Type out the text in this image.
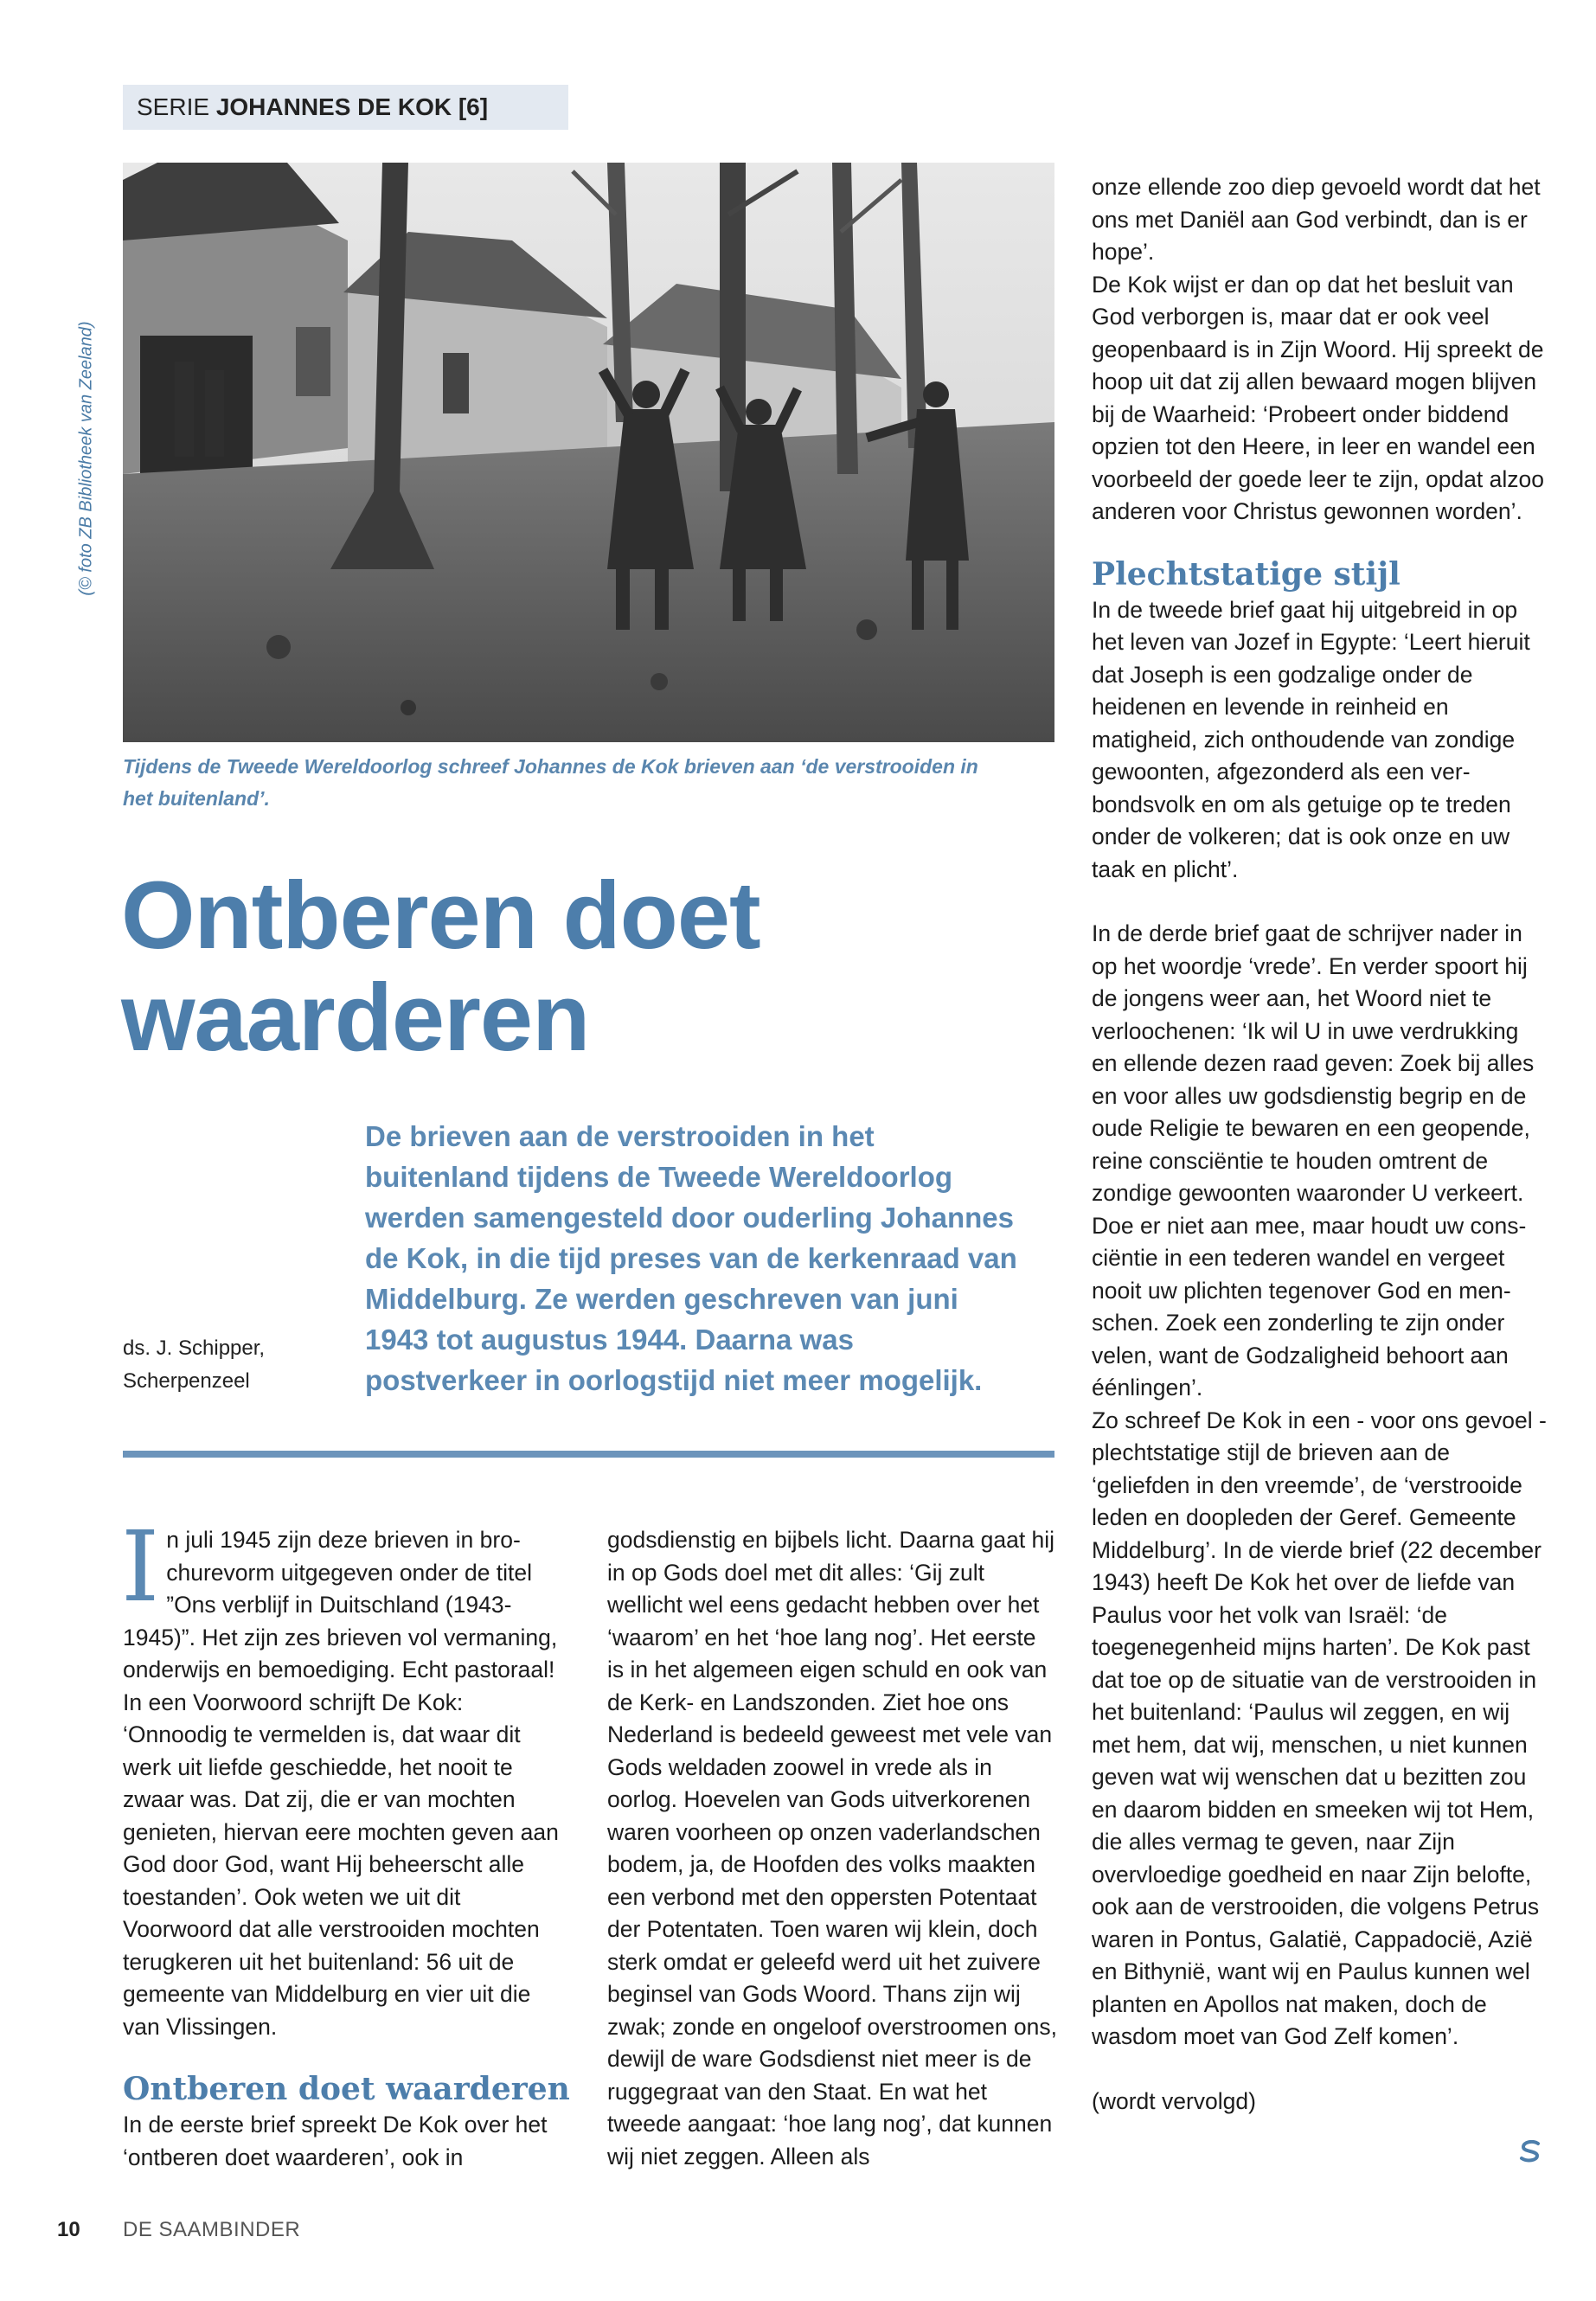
SERIE JOHANNES DE KOK [6]
(© foto ZB Bibliotheek van Zeeland)
Tijdens de Tweede Wereldoorlog schreef Johannes de Kok brieven aan ‘de verstrooiden in het buitenland’.
Ontberen doet
waarderen
De brieven aan de verstrooiden in het buitenland tijdens de Tweede Wereldoorlog werden samengesteld door ouderling Johannes de Kok, in die tijd preses van de kerkenraad van Middelburg. Ze werden geschreven van juni 1943 tot augustus 1944. Daarna was postverkeer in oorlogstijd niet meer mogelijk.
ds. J. Schipper,
Scherpenzeel

In juli 1945 zijn deze brieven in brochurevorm uitgegeven onder de titel ”Ons verblijf in Duitschland (1943-1945)”. Het zijn zes brieven vol vermaning, onderwijs en bemoediging. Echt pastoraal! In een Voorwoord schrijft De Kok: ‘Onnoodig te vermelden is, dat waar dit werk uit liefde geschiedde, het nooit te zwaar was. Dat zij, die er van mochten genieten, hiervan eere mochten geven aan God door God, want Hij beheerscht alle toestanden’. Ook weten we uit dit Voorwoord dat alle verstrooiden mochten terugkeren uit het buitenland: 56 uit de gemeente van Middelburg en vier uit die van Vlissingen.

Ontberen doet waarderen

In de eerste brief spreekt De Kok over het ‘ontberen doet waarderen’, ook in

godsdienstig en bijbels licht. Daarna gaat hij in op Gods doel met dit alles: ‘Gij zult wellicht wel eens gedacht hebben over het ‘waarom’ en het ‘hoe lang nog’. Het eerste is in het algemeen eigen schuld en ook van de Kerk- en Landszonden. Ziet hoe ons Nederland is bedeeld geweest met vele van Gods weldaden zoowel in vrede als in oorlog. Hoevelen van Gods uitverkorenen waren voorheen op onzen vaderlandschen bodem, ja, de Hoofden des volks maakten een verbond met den oppersten Potentaat der Potentaten. Toen waren wij klein, doch sterk omdat er geleefd werd uit het zuivere beginsel van Gods Woord. Thans zijn wij zwak; zonde en ongeloof overstroomen ons, dewijl de ware Godsdienst niet meer is de ruggegraat van den Staat. En wat het tweede aangaat: ‘hoe lang nog’, dat kunnen wij niet zeggen. Alleen als

onze ellende zoo diep gevoeld wordt dat het ons met Daniël aan God verbindt, dan is er hope’.

De Kok wijst er dan op dat het besluit van God verborgen is, maar dat er ook veel geopenbaard is in Zijn Woord. Hij spreekt de hoop uit dat zij allen bewaard mogen blijven bij de Waarheid: ‘Probeert onder biddend opzien tot den Heere, in leer en wandel een voorbeeld der goede leer te zijn, opdat alzoo anderen voor Christus gewonnen worden’.

Plechtstatige stijl

In de tweede brief gaat hij uitgebreid in op het leven van Jozef in Egypte: ‘Leert hieruit dat Joseph is een godzalige onder de heidenen en levende in reinheid en matigheid, zich onthoudende van zondige gewoonten, afgezonderd als een verbondsvolk en om als getuige op te treden onder de volkeren; dat is ook onze en uw taak en plicht’.

In de derde brief gaat de schrijver nader in op het woordje ‘vrede’. En verder spoort hij de jongens weer aan, het Woord niet te verloochenen: ‘Ik wil U in uwe verdrukking en ellende dezen raad geven: Zoek bij alles en voor alles uw godsdienstig begrip en de oude Religie te bewaren en een geopende, reine consciëntie te houden omtrent de zondige gewoonten waaronder U verkeert. Doe er niet aan mee, maar houdt uw consciëntie in een tederen wandel en vergeet nooit uw plichten tegenover God en menschen. Zoek een zonderling te zijn onder velen, want de Godzaligheid behoort aan éénlingen’.

Zo schreef De Kok in een - voor ons gevoel - plechtstatige stijl de brieven aan de ‘geliefden in den vreemde’, de ‘verstrooide leden en doopleden der Geref. Gemeente Middelburg’. In de vierde brief (22 december 1943) heeft De Kok het over de liefde van Paulus voor het volk van Israël: ‘de toegenegenheid mijns harten’. De Kok past dat toe op de situatie van de verstrooiden in het buitenland: ‘Paulus wil zeggen, en wij met hem, dat wij, menschen, u niet kunnen geven wat wij wenschen dat u bezitten zou en daarom bidden en smeeken wij tot Hem, die alles vermag te geven, naar Zijn overvloedige goedheid en naar Zijn belofte, ook aan de verstrooiden, die volgens Petrus waren in Pontus, Galatië, Cappadocië, Azië en Bithynië, want wij en Paulus kunnen wel planten en Apollos nat maken, doch de wasdom moet van God Zelf komen’.

(wordt vervolgd)

10 DE SAAMBINDER
